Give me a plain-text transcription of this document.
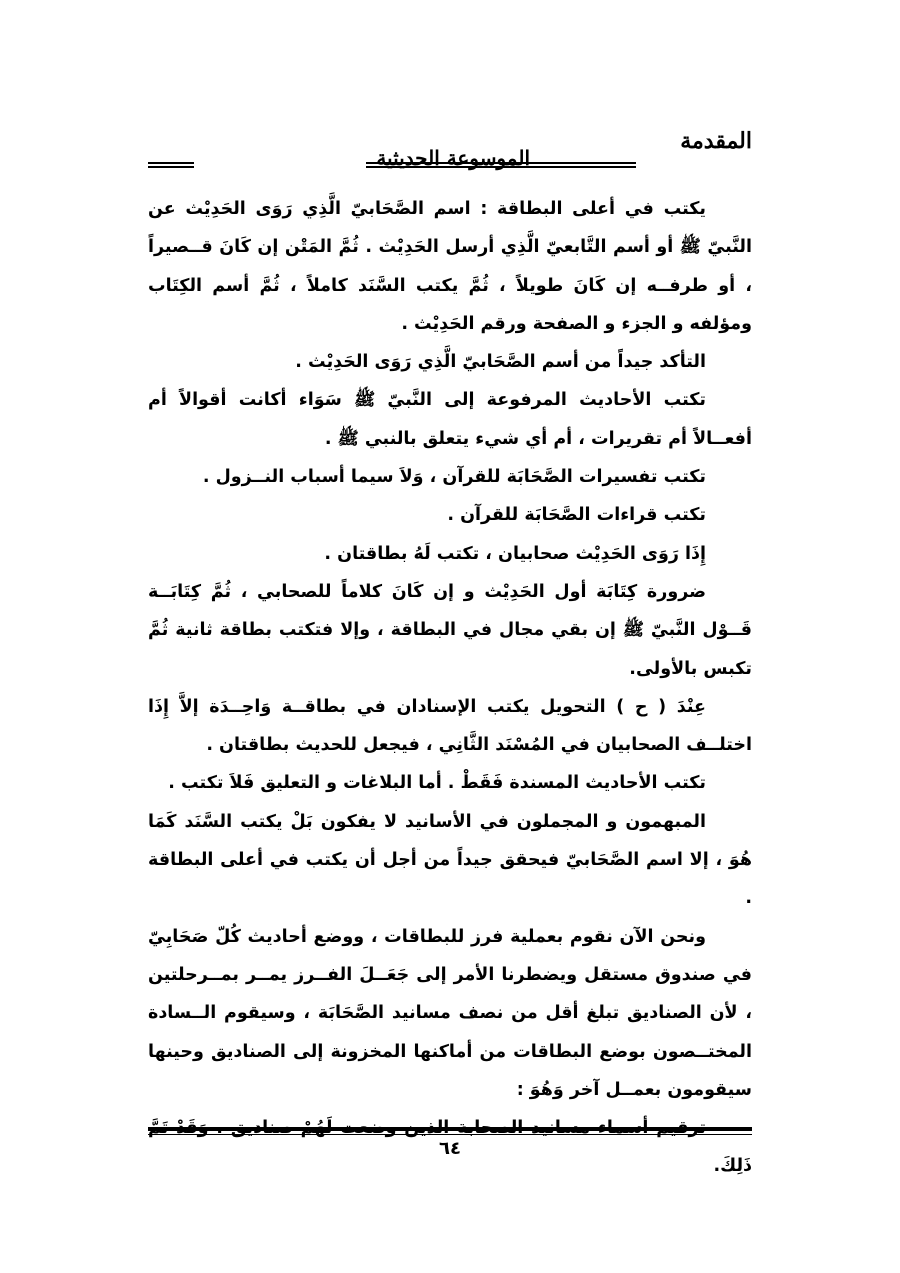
المقدمة
الموسوعة الحديثية

يكتب في أعلى البطاقة : اسم الصَّحَابيّ الَّذِي رَوَى الحَدِيْث عن النَّبيّ ﷺ أو أسم التَّابعيّ الَّذِي أرسل الحَدِيْث . ثُمَّ المَتْن إن كَانَ قــصيراً ، أو طرفــه إن كَانَ طويلاً ، ثُمَّ يكتب السَّنَد كاملاً ، ثُمَّ أسم الكِتَاب ومؤلفه و الجزء و الصفحة ورقم الحَدِيْث .

التأكد جيداً من أسم الصَّحَابيّ الَّذِي رَوَى الحَدِيْث .

تكتب الأحاديث المرفوعة إلى النَّبيّ ﷺ سَوَاء أكانت أقوالاً أم أفعــالاً أم تقريرات ، أم أي شيء يتعلق بالنبي ﷺ .

تكتب تفسيرات الصَّحَابَة للقرآن ، وَلاَ سيما أسباب النــزول .

تكتب قراءات الصَّحَابَة للقرآن .

إِذَا رَوَى الحَدِيْث صحابيان ، تكتب لَهُ بطاقتان .

ضرورة كِتَابَة أول الحَدِيْث و إن كَانَ كلاماً للصحابي ، ثُمَّ كِتَابَــة قَــوْل النَّبيّ ﷺ إن بقي مجال في البطاقة ، وإلا فتكتب بطاقة ثانية ثُمَّ تكبس بالأولى.

عِنْدَ ( ح ) التحويل يكتب الإسنادان في بطاقــة وَاحِــدَة إلاَّ إِذَا اختلــف الصحابيان في المُسْنَد الثَّانِي ، فيجعل للحديث بطاقتان .

تكتب الأحاديث المسندة فَقَطْ . أما البلاغات و التعليق فَلاَ تكتب .

المبهمون و المجملون في الأسانيد لا يفكون بَلْ يكتب السَّنَد كَمَا هُوَ ، إلا اسم الصَّحَابيّ فيحقق جيداً من أجل أن يكتب في أعلى البطاقة .

ونحن الآن نقوم بعملية فرز للبطاقات ، ووضع أحاديث كُلّ صَحَابِيّ في صندوق مستقل ويضطرنا الأمر إلى جَعَــلَ الفــرز يمــر بمــرحلتين ، لأن الصناديق تبلغ أقل من نصف مسانيد الصَّحَابَة ، وسيقوم الــسادة المختــصون بوضع البطاقات من أماكنها المخزونة إلى الصناديق وحينها سيقومون بعمــل آخر وَهُوَ :

ترقيم أسماء مسانيد الصحابة الذين وضعت لَهُمْ صناديق ، وَقَدْ تَمَّ ذَلِكَ.

٦٤
